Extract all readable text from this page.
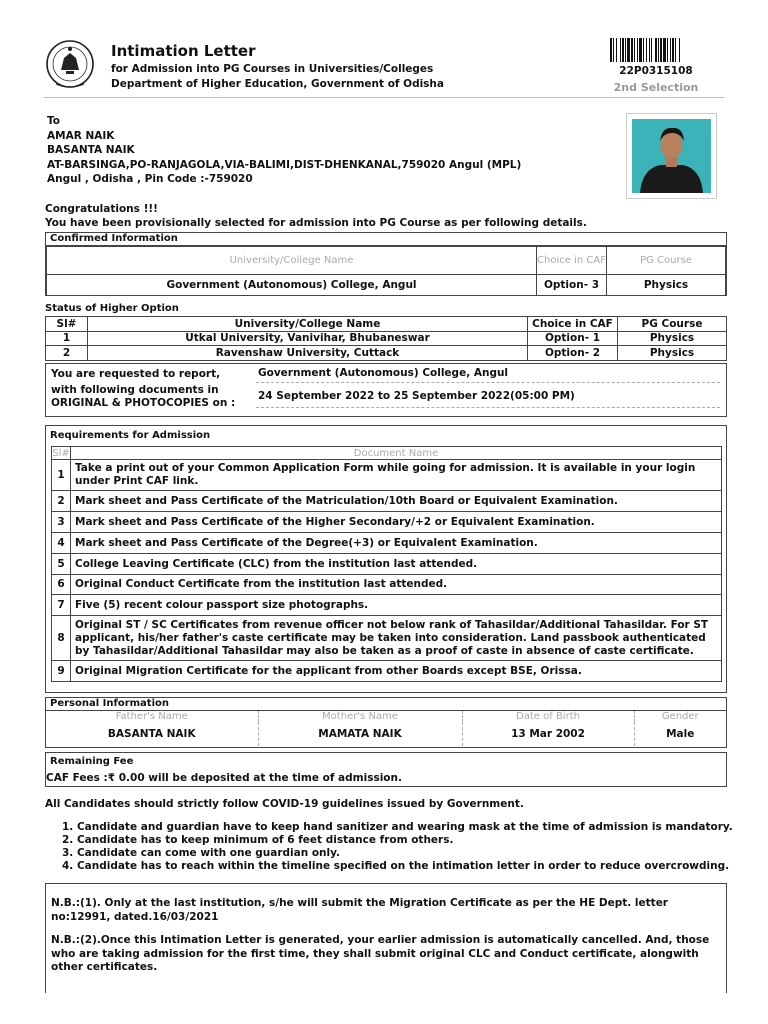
Intimation Letter
for Admission into PG Courses in Universities/Colleges
Department of Higher Education, Government of Odisha
22P0315108
2nd Selection
To
AMAR NAIK
BASANTA NAIK
AT-BARSINGA,PO-RANJAGOLA,VIA-BALIMI,DIST-DHENKANAL,759020 Angul (MPL)
Angul , Odisha , Pin Code :-759020
Congratulations !!!
You have been provisionally selected for admission into PG Course as per following details.
Confirmed Information
University/College Name	Choice in CAF	PG Course
Government (Autonomous) College, Angul	Option- 3	Physics
Status of Higher Option
Sl#	University/College Name	Choice in CAF	PG Course
1	Utkal University, Vanivihar, Bhubaneswar	Option- 1	Physics
2	Ravenshaw University, Cuttack	Option- 2	Physics
You are requested to report,
with following documents in
ORIGINAL & PHOTOCOPIES on :
Government (Autonomous) College, Angul
24 September 2022 to 25 September 2022(05:00 PM)
Requirements for Admission
Sl#	Document Name
1	Take a print out of your Common Application Form while going for admission. It is available in your login under Print CAF link.
2	Mark sheet and Pass Certificate of the Matriculation/10th Board or Equivalent Examination.
3	Mark sheet and Pass Certificate of the Higher Secondary/+2 or Equivalent Examination.
4	Mark sheet and Pass Certificate of the Degree(+3) or Equivalent Examination.
5	College Leaving Certificate (CLC) from the institution last attended.
6	Original Conduct Certificate from the institution last attended.
7	Five (5) recent colour passport size photographs.
8	Original ST / SC Certificates from revenue officer not below rank of Tahasildar/Additional Tahasildar. For ST applicant, his/her father's caste certificate may be taken into consideration. Land passbook authenticated by Tahasildar/Additional Tahasildar may also be taken as a proof of caste in absence of caste certificate.
9	Original Migration Certificate for the applicant from other Boards except BSE, Orissa.
Personal Information
Father's Name	Mother's Name	Date of Birth	Gender
BASANTA NAIK	MAMATA NAIK	13 Mar 2002	Male
Remaining Fee
CAF Fees :₹ 0.00 will be deposited at the time of admission.
All Candidates should strictly follow COVID-19 guidelines issued by Government.
1. Candidate and guardian have to keep hand sanitizer and wearing mask at the time of admission is mandatory.
2. Candidate has to keep minimum of 6 feet distance from others.
3. Candidate can come with one guardian only.
4. Candidate has to reach within the timeline specified on the intimation letter in order to reduce overcrowding.

N.B.:(1). Only at the last institution, s/he will submit the Migration Certificate as per the HE Dept. letter no:12991, dated.16/03/2021

N.B.:(2).Once this Intimation Letter is generated, your earlier admission is automatically cancelled. And, those who are taking admission for the first time, they shall submit original CLC and Conduct certificate, alongwith other certificates.
